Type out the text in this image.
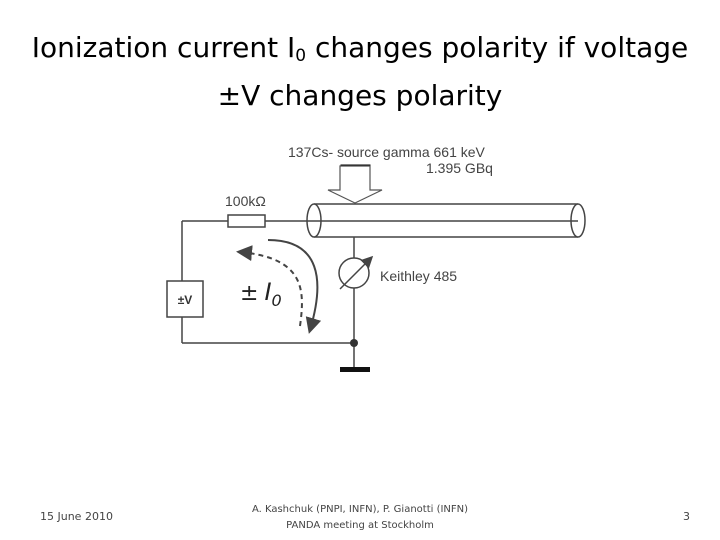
Ionization current $I_0$ changes polarity if voltage
±V changes polarity
137Cs- source gamma 661 keV
1.395 GBq
100kΩ
±V
Keithley 485
± $I_0$
15 June 2010
A. Kashchuk (PNPI, INFN), P. Gianotti (INFN)
PANDA meeting at Stockholm
3
